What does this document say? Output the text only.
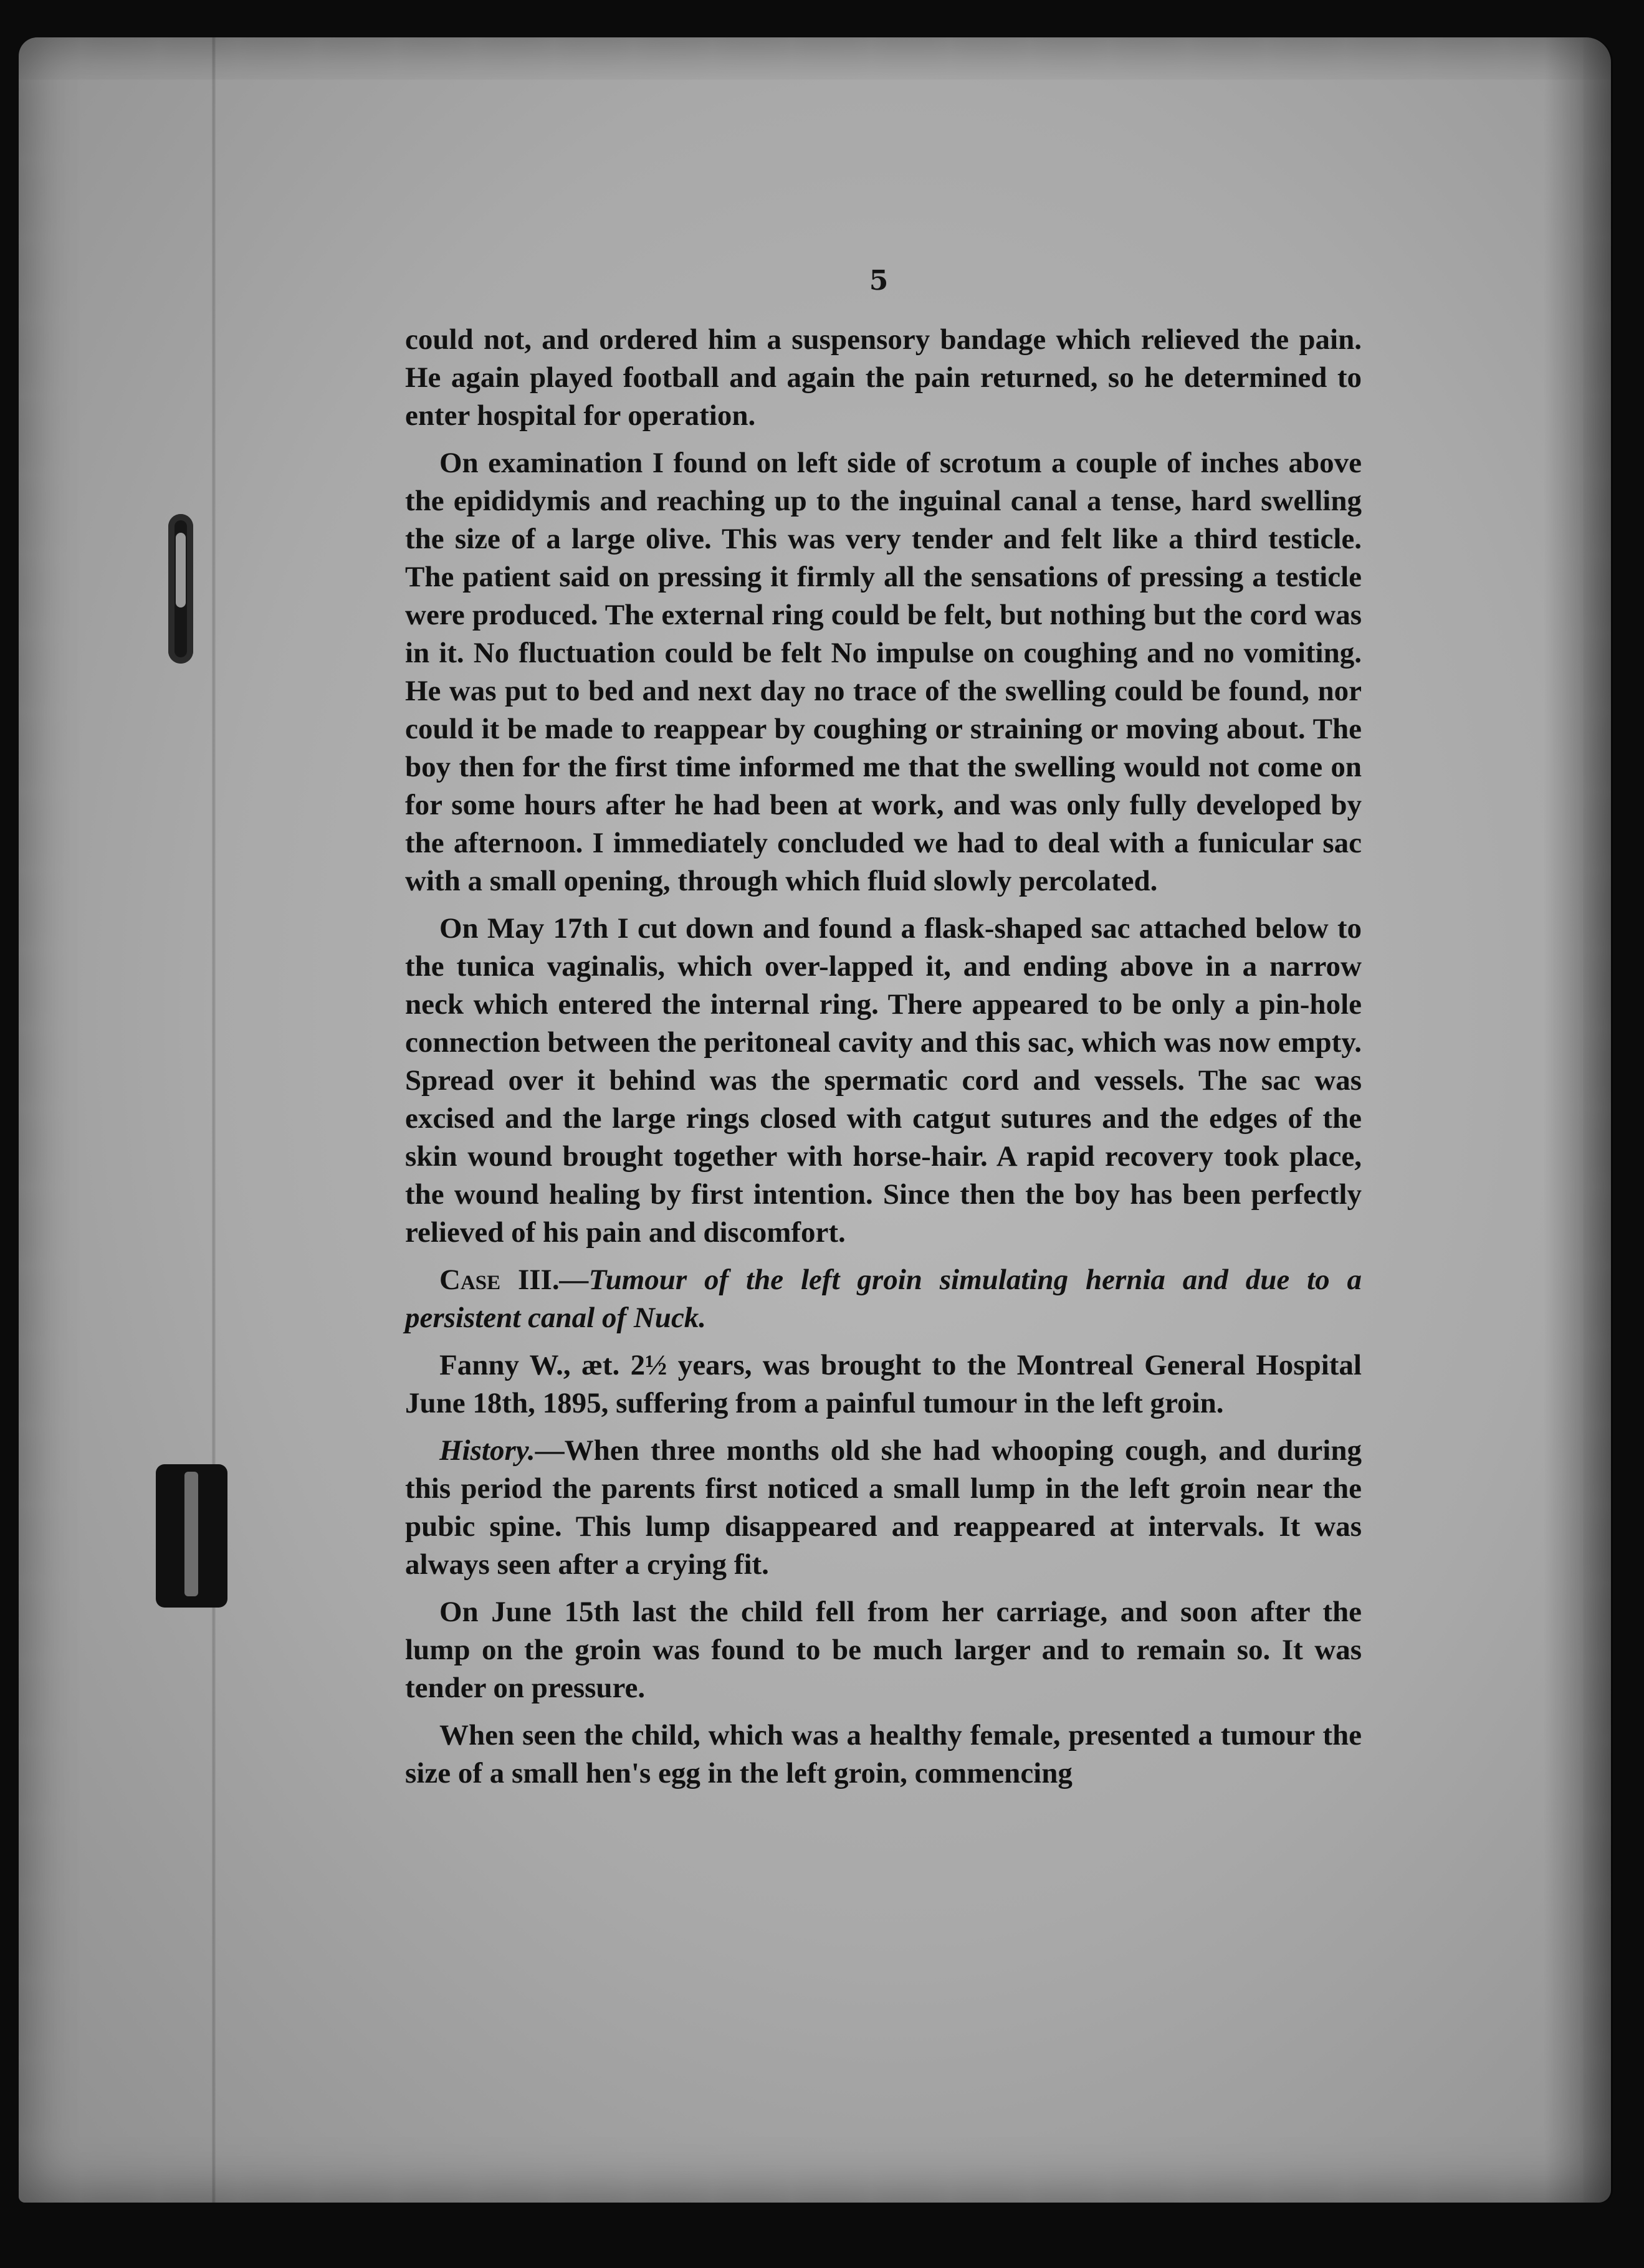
5

could not, and ordered him a suspensory bandage which relieved the pain. He again played football and again the pain returned, so he determined to enter hospital for operation.

On examination I found on left side of scrotum a couple of inches above the epididymis and reaching up to the inguinal canal a tense, hard swelling the size of a large olive. This was very tender and felt like a third testicle. The patient said on pressing it firmly all the sensations of pressing a testicle were produced. The external ring could be felt, but nothing but the cord was in it. No fluctuation could be felt No impulse on coughing and no vomiting. He was put to bed and next day no trace of the swelling could be found, nor could it be made to reappear by coughing or straining or moving about. The boy then for the first time informed me that the swelling would not come on for some hours after he had been at work, and was only fully developed by the afternoon. I immediately concluded we had to deal with a funicular sac with a small opening, through which fluid slowly percolated.

On May 17th I cut down and found a flask-shaped sac attached below to the tunica vaginalis, which over-lapped it, and ending above in a narrow neck which entered the internal ring. There appeared to be only a pin-hole connection between the peritoneal cavity and this sac, which was now empty. Spread over it behind was the spermatic cord and vessels. The sac was excised and the large rings closed with catgut sutures and the edges of the skin wound brought together with horse-hair. A rapid recovery took place, the wound healing by first intention. Since then the boy has been perfectly relieved of his pain and discomfort.

Case III.—Tumour of the left groin simulating hernia and due to a persistent canal of Nuck.

Fanny W., æt. 2½ years, was brought to the Montreal General Hospital June 18th, 1895, suffering from a painful tumour in the left groin.

History.—When three months old she had whooping cough, and during this period the parents first noticed a small lump in the left groin near the pubic spine. This lump disappeared and reappeared at intervals. It was always seen after a crying fit.

On June 15th last the child fell from her carriage, and soon after the lump on the groin was found to be much larger and to remain so. It was tender on pressure.

When seen the child, which was a healthy female, presented a tumour the size of a small hen's egg in the left groin, commencing
